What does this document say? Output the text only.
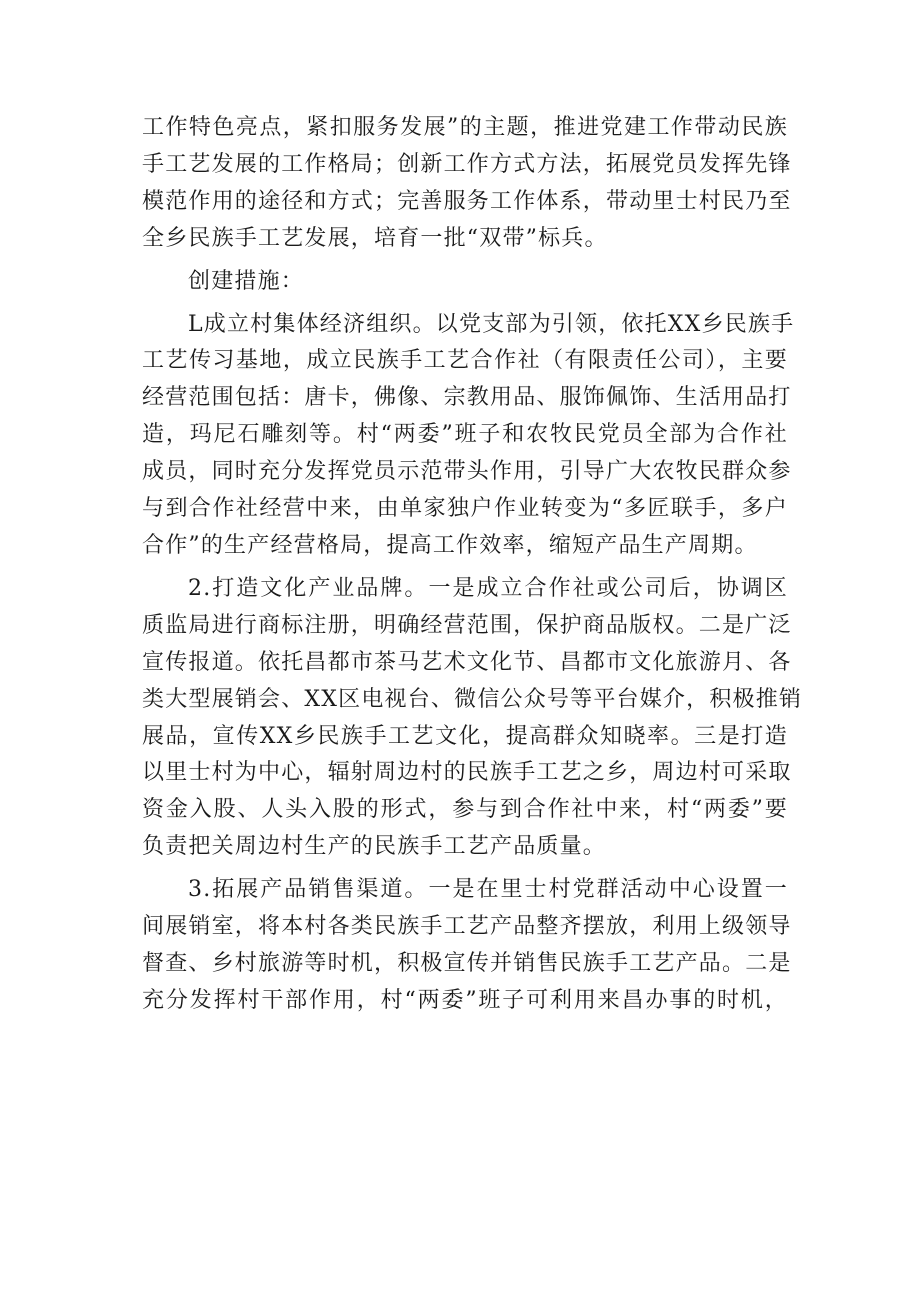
工作特色亮点，紧扣服务发展”的主题，推进党建工作带动民族
手工艺发展的工作格局；创新工作方式方法，拓展党员发挥先锋
模范作用的途径和方式；完善服务工作体系，带动里士村民乃至
全乡民族手工艺发展，培育一批“双带”标兵。
创建措施：
L成立村集体经济组织。以党支部为引领，依托XX乡民族手
工艺传习基地，成立民族手工艺合作社（有限责任公司），主要
经营范围包括：唐卡，佛像、宗教用品、服饰佩饰、生活用品打
造，玛尼石雕刻等。村“两委”班子和农牧民党员全部为合作社
成员，同时充分发挥党员示范带头作用，引导广大农牧民群众参
与到合作社经营中来，由单家独户作业转变为“多匠联手，多户
合作”的生产经营格局，提高工作效率，缩短产品生产周期。
2.打造文化产业品牌。一是成立合作社或公司后，协调区
质监局进行商标注册，明确经营范围，保护商品版权。二是广泛
宣传报道。依托昌都市茶马艺术文化节、昌都市文化旅游月、各
类大型展销会、XX区电视台、微信公众号等平台媒介，积极推销
展品，宣传XX乡民族手工艺文化，提高群众知晓率。三是打造
以里士村为中心，辐射周边村的民族手工艺之乡，周边村可采取
资金入股、人头入股的形式，参与到合作社中来，村“两委”要
负责把关周边村生产的民族手工艺产品质量。
3.拓展产品销售渠道。一是在里士村党群活动中心设置一
间展销室，将本村各类民族手工艺产品整齐摆放，利用上级领导
督查、乡村旅游等时机，积极宣传并销售民族手工艺产品。二是
充分发挥村干部作用，村“两委”班子可利用来昌办事的时机，
